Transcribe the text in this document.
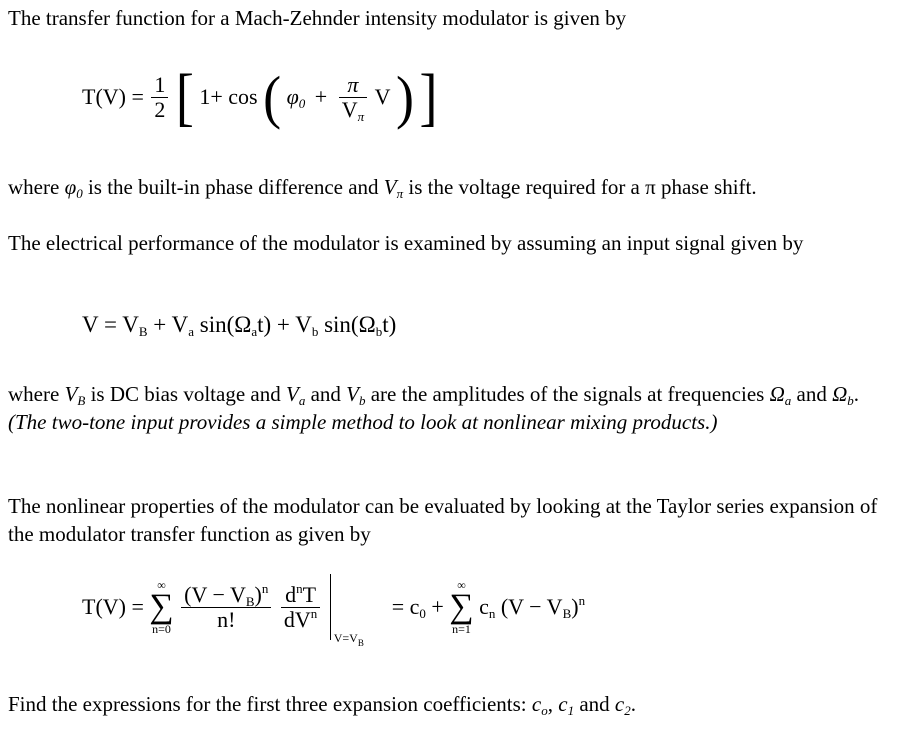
The transfer function for a Mach-Zehnder intensity modulator is given by

$T(V) = \frac{1}{2}$ [ 1+ cos ( $\varphi_0 + \frac{\pi}{V_\pi}$ V ) ]

where $\varphi_0$ is the built-in phase difference and $V_\pi$ is the voltage required for a π phase shift.

The electrical performance of the modulator is examined by assuming an input signal given by

$V = V_B + V_a$ $\sin(\Omega_at) + V_b$ $\sin(\Omega_bt)$

where $V_B$ is DC bias voltage and $V_a$ and $V_b$ are the amplitudes of the signals at frequencies $\Omega_a$ and $\Omega_b$. (The two-tone input provides a simple method to look at nonlinear mixing products.)

The nonlinear properties of the modulator can be evaluated by looking at the Taylor series expansion of the modulator transfer function as given by

T(V) =
∞
∑
n=0
$\frac{(V - V_B)^n}{n!}$
$\frac{d^nT}{dV^n}$

$V=V_B$
= $c_0$ +
∞
∑
n=1
$c_n$ $(V - V_B)^n$

Find the expressions for the first three expansion coefficients: $c_o$, $c_1$ and $c_2$.
